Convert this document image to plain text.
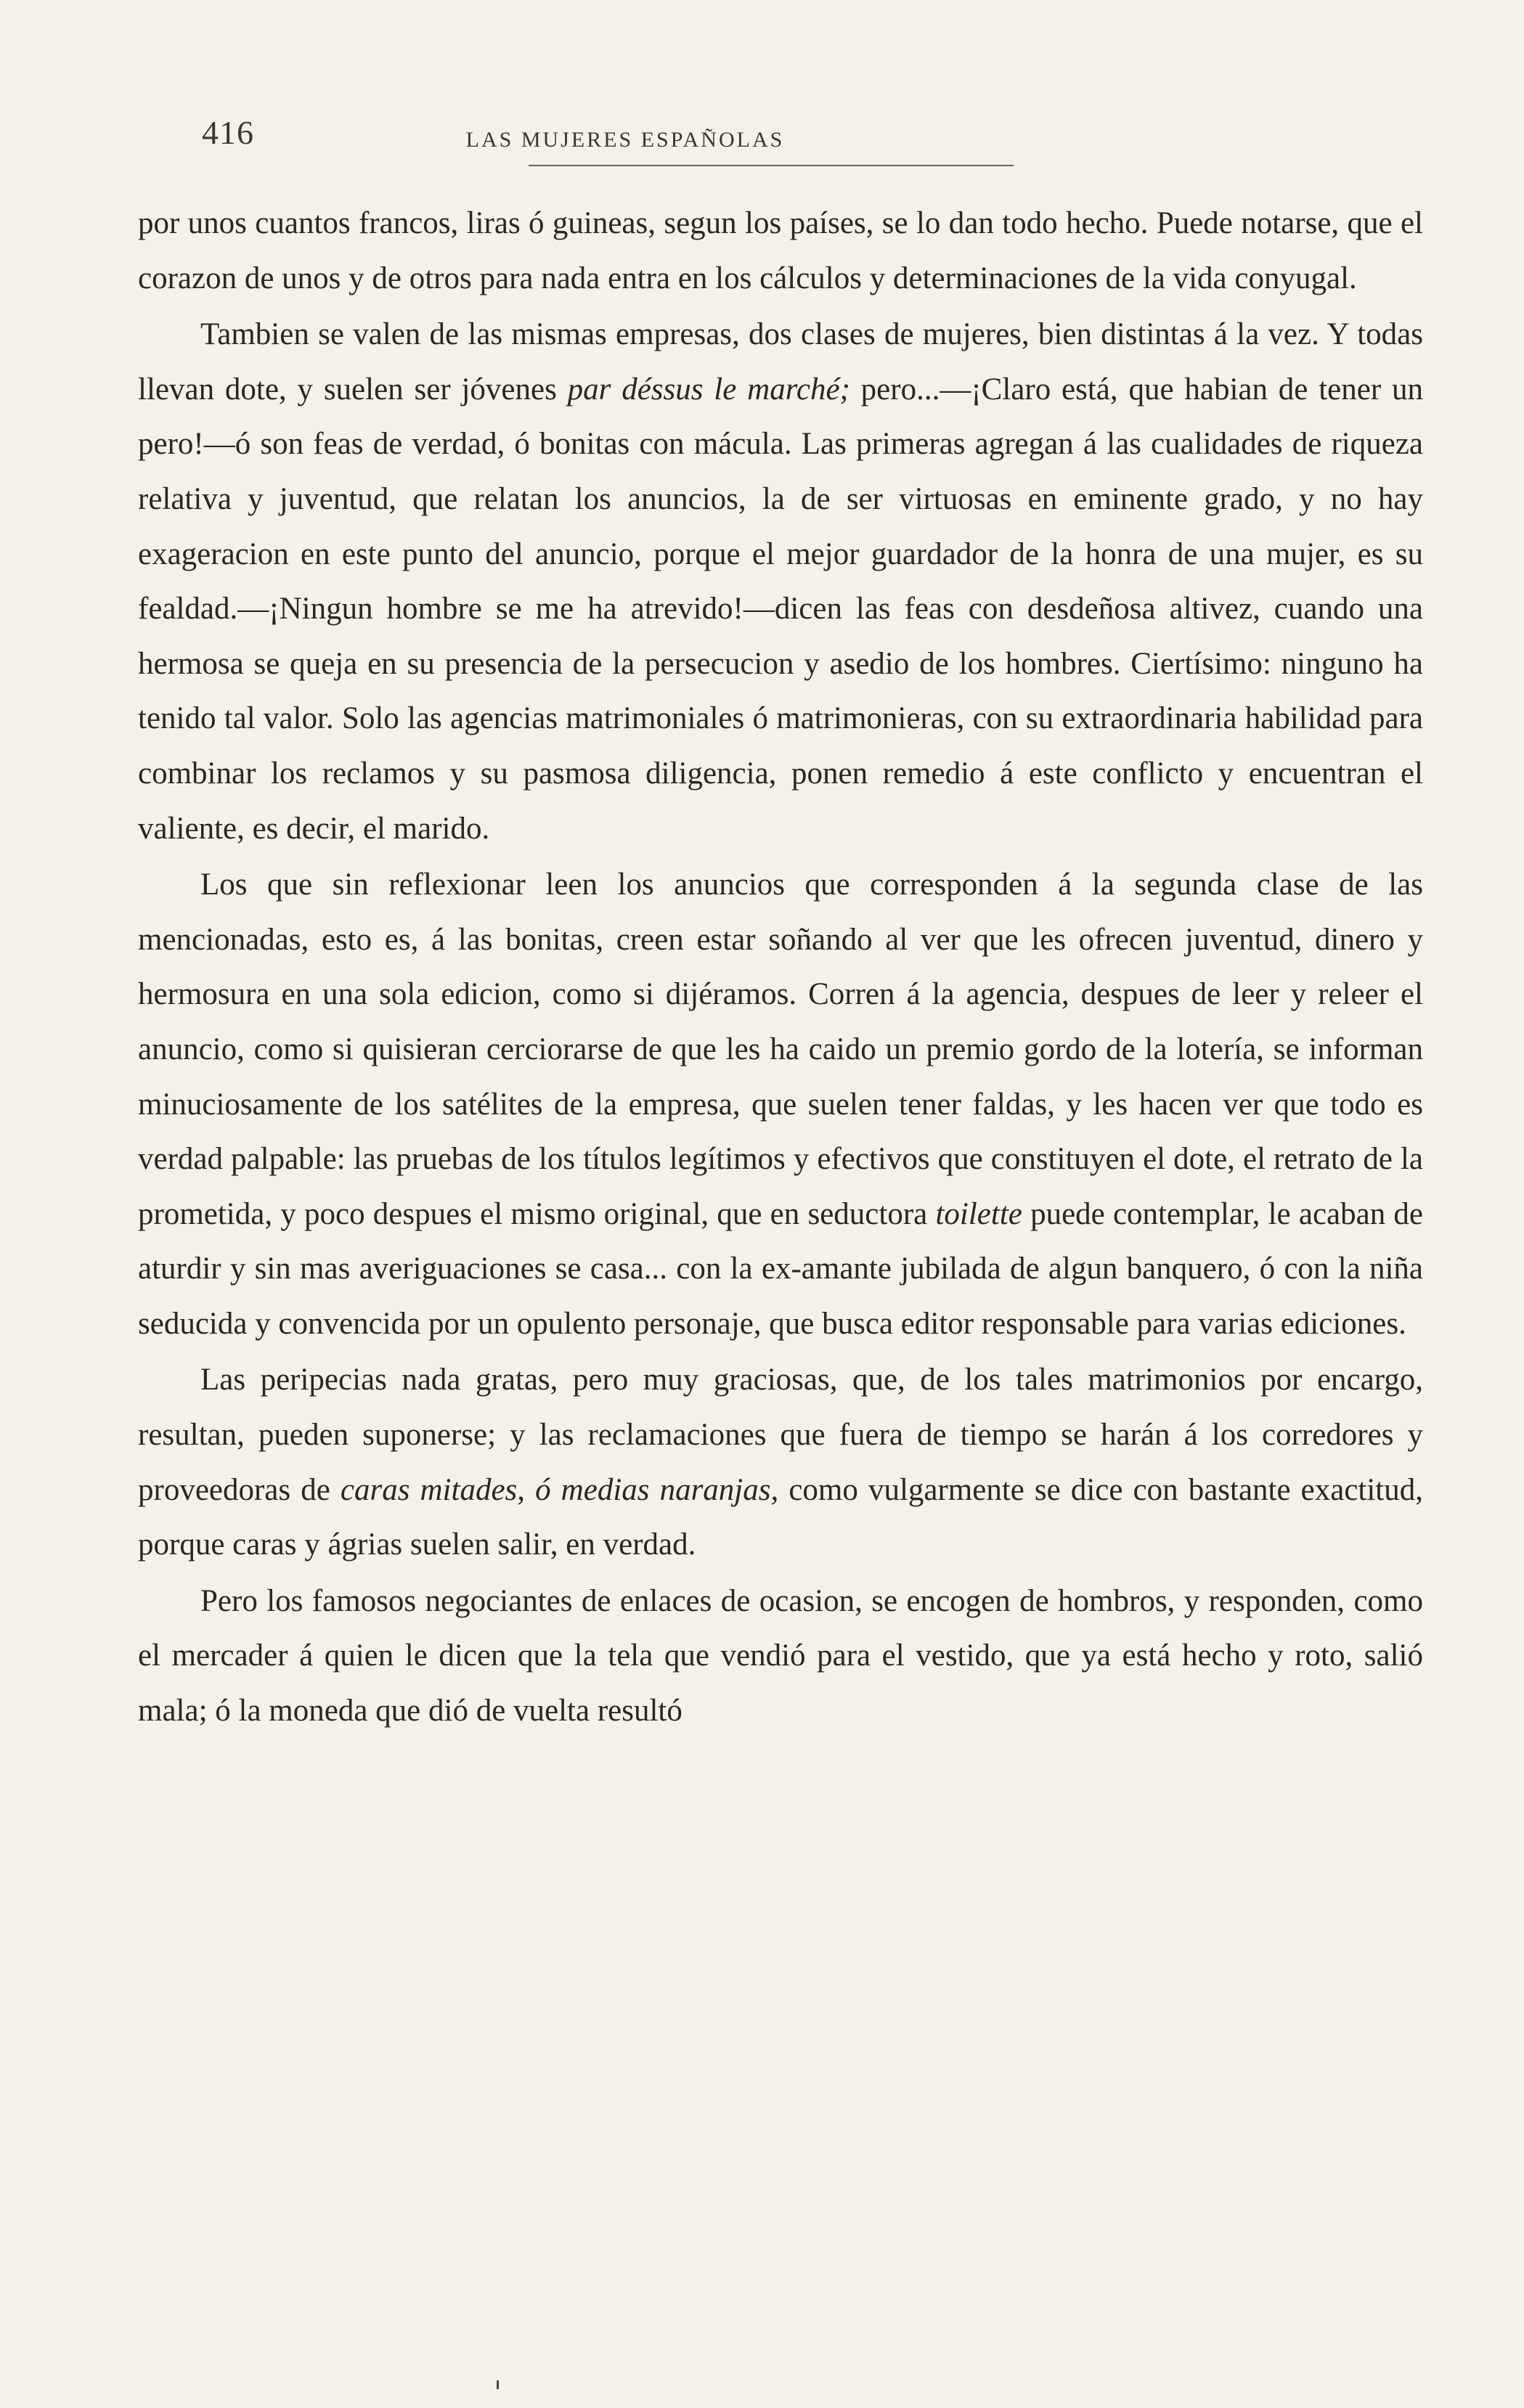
416	LAS MUJERES ESPAÑOLAS

por unos cuantos francos, liras ó guineas, segun los países, se lo dan todo hecho. Puede notarse, que el corazon de unos y de otros para nada entra en los cálculos y determinaciones de la vida conyugal.

Tambien se valen de las mismas empresas, dos clases de mujeres, bien distintas á la vez. Y todas llevan dote, y suelen ser jóvenes par déssus le marché; pero...—¡Claro está, que habian de tener un pero!—ó son feas de verdad, ó bonitas con mácula. Las primeras agregan á las cualidades de riqueza relativa y juventud, que relatan los anuncios, la de ser virtuosas en eminente grado, y no hay exageracion en este punto del anuncio, porque el mejor guardador de la honra de una mujer, es su fealdad.—¡Ningun hombre se me ha atrevido!—dicen las feas con desdeñosa altivez, cuando una hermosa se queja en su presencia de la persecucion y asedio de los hombres. Ciertísimo: ninguno ha tenido tal valor. Solo las agencias matrimoniales ó matrimonieras, con su extraordinaria habilidad para combinar los reclamos y su pasmosa diligencia, ponen remedio á este conflicto y encuentran el valiente, es decir, el marido.

Los que sin reflexionar leen los anuncios que corresponden á la segunda clase de las mencionadas, esto es, á las bonitas, creen estar soñando al ver que les ofrecen juventud, dinero y hermosura en una sola edicion, como si dijéramos. Corren á la agencia, despues de leer y releer el anuncio, como si quisieran cerciorarse de que les ha caido un premio gordo de la lotería, se informan minuciosamente de los satélites de la empresa, que suelen tener faldas, y les hacen ver que todo es verdad palpable: las pruebas de los títulos legítimos y efectivos que constituyen el dote, el retrato de la prometida, y poco despues el mismo original, que en seductora toilette puede contemplar, le acaban de aturdir y sin mas averiguaciones se casa... con la ex-amante jubilada de algun banquero, ó con la niña seducida y convencida por un opulento personaje, que busca editor responsable para varias ediciones.

Las peripecias nada gratas, pero muy graciosas, que, de los tales matrimonios por encargo, resultan, pueden suponerse; y las reclamaciones que fuera de tiempo se harán á los corredores y proveedoras de caras mitades, ó medias naranjas, como vulgarmente se dice con bastante exactitud, porque caras y ágrias suelen salir, en verdad.

Pero los famosos negociantes de enlaces de ocasion, se encogen de hombros, y responden, como el mercader á quien le dicen que la tela que vendió para el vestido, que ya está hecho y roto, salió mala; ó la moneda que dió de vuelta resultó
